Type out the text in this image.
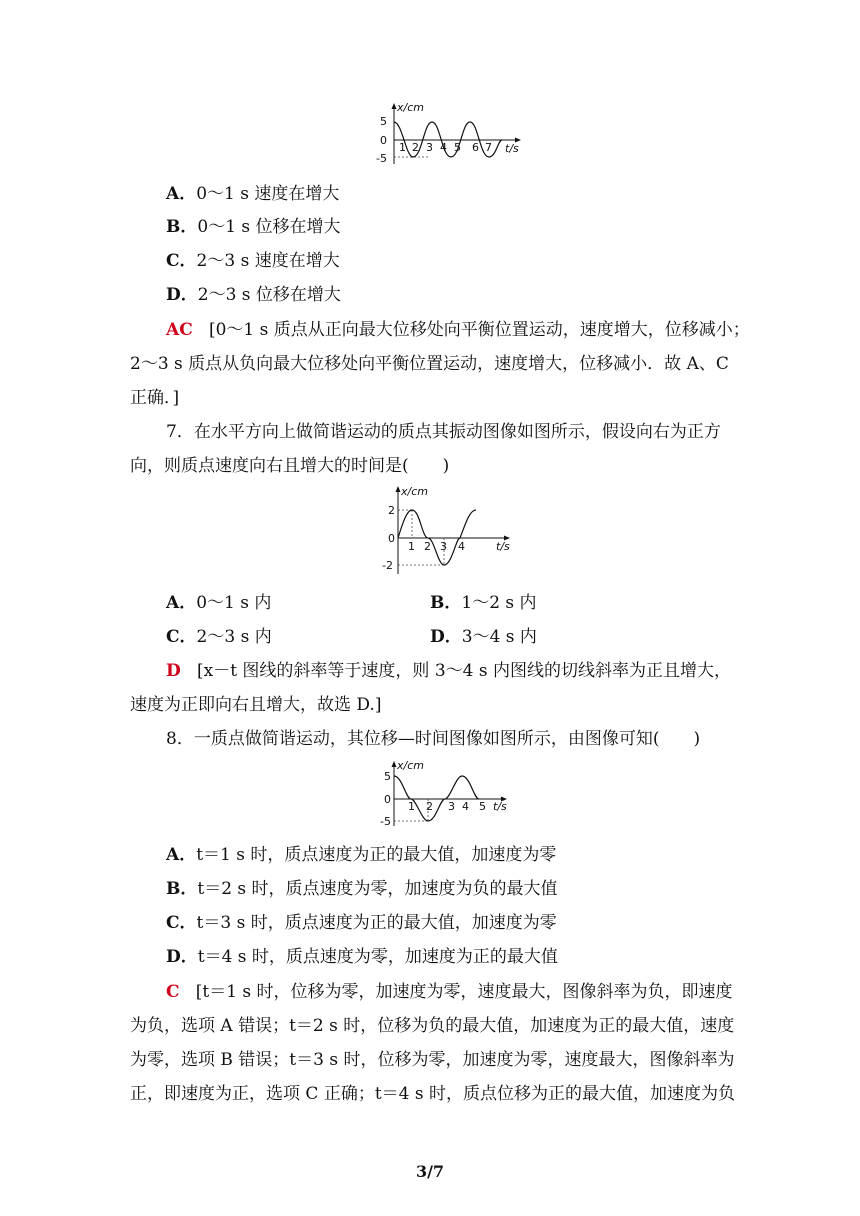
x/cm
5
0
-5
1 2 3 4 5 6 7 t/s
A．0～1 s 速度在增大
B．0～1 s 位移在增大
C．2～3 s 速度在增大
D．2～3 s 位移在增大
AC [0～1 s 质点从正向最大位移处向平衡位置运动，速度增大，位移减小；
2～3 s 质点从负向最大位移处向平衡位置运动，速度增大，位移减小．故 A、C
正确．]
7．在水平方向上做简谐运动的质点其振动图像如图所示，假设向右为正方
向，则质点速度向右且增大的时间是(　　)
x/cm
2
0
-2
1 2 3 4	t/s
A．0～1 s 内	B．1～2 s 内
C．2～3 s 内	D．3～4 s 内
D [x－t 图线的斜率等于速度，则 3～4 s 内图线的切线斜率为正且增大，
速度为正即向右且增大，故选 D.]
8．一质点做简谐运动，其位移—时间图像如图所示，由图像可知(　　)
x/cm
5
0
-5
1 2 3 4 5 t/s
A．t＝1 s 时，质点速度为正的最大值，加速度为零
B．t＝2 s 时，质点速度为零，加速度为负的最大值
C．t＝3 s 时，质点速度为正的最大值，加速度为零
D．t＝4 s 时，质点速度为零，加速度为正的最大值
C [t＝1 s 时，位移为零，加速度为零，速度最大，图像斜率为负，即速度
为负，选项 A 错误；t＝2 s 时，位移为负的最大值，加速度为正的最大值，速度
为零，选项 B 错误；t＝3 s 时，位移为零，加速度为零，速度最大，图像斜率为
正，即速度为正，选项 C 正确；t＝4 s 时，质点位移为正的最大值，加速度为负
3/7
